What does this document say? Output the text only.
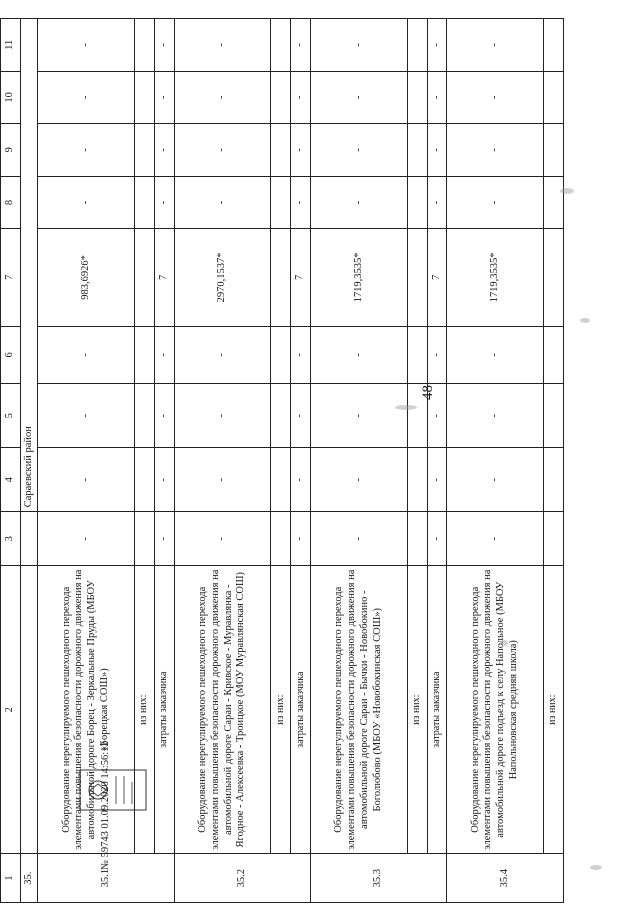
48
1	2	3	4	5	6	7	8	9	10	11
35.			Сараевский район							
35.1	Оборудование нерегулируемого пешеходного перехода элементами повышения безопасности дорожного движения на автомобильной дороге Борец - Зеркальные Пруды (МБОУ «Борецкая СОШ»)	-	-	-	-	983,6926*	-	-	-	-
	из них:									
	затраты заказчика	-	-	-	-	7	-	-	-	-
35.2	Оборудование нерегулируемого пешеходного перехода элементами повышения безопасности дорожного движения на автомобильной дороге Сараи - Кривское - Муравлянка - Ягодное - Алексеевка - Троицкое (МОУ Муравлянская СОШ)	-	-	-	-	2970,1537*	-	-	-	-
	из них:									
	затраты заказчика	-	-	-	-	7	-	-	-	-
35.3	Оборудование нерегулируемого пешеходного перехода элементами повышения безопасности дорожного движения на автомобильной дороге Сараи - Бычки - Новобокино - Боголюбово (МБОУ «Новобокинская СОШ»)	-	-	-	-	1719,3535*	-	-	-	-
	из них:									
	затраты заказчика	-	-	-	-	7	-	-	-	-
35.4	Оборудование нерегулируемого пешеходного перехода элементами повышения безопасности дорожного движения на автомобильной дороге подъезд к селу Напольное (МБОУ Напольновская средняя школа)	-	-	-	-	1719,3535*	-	-	-	-
	из них:									
№ 59743 01.09.2020 14:56:12
